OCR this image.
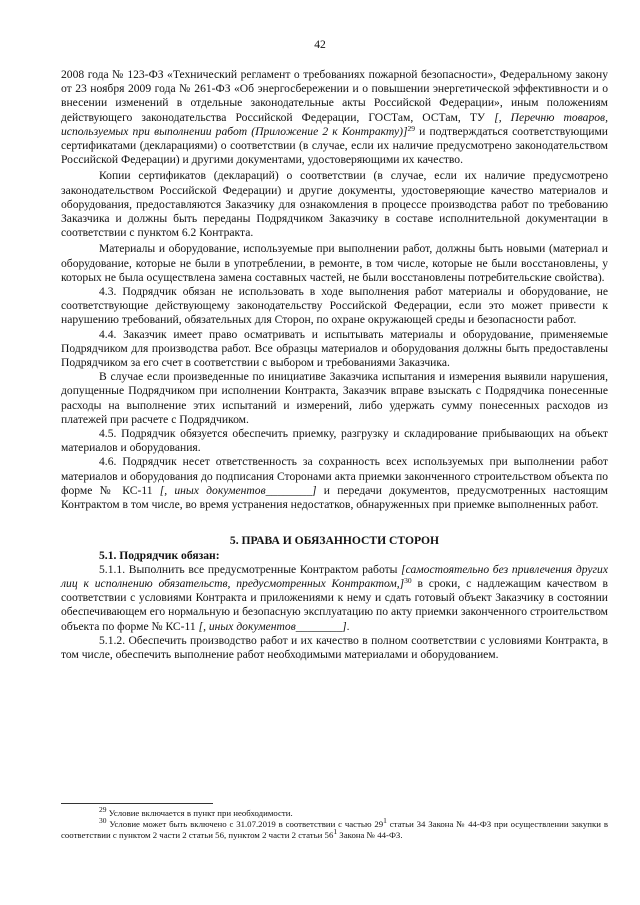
42

2008 года № 123-ФЗ «Технический регламент о требованиях пожарной безопасности», Федеральному закону от 23 ноября 2009 года № 261-ФЗ «Об энергосбережении и о повышении энергетической эффективности и о внесении изменений в отдельные законодательные акты Российской Федерации», иным положениям действующего законодательства Российской Федерации, ГОСТам, ОСТам, ТУ [, Перечню товаров, используемых при выполнении работ (Приложение 2 к Контракту)]$^{29}$ и подтверждаться соответствующими сертификатами (декларациями) о соответствии (в случае, если их наличие предусмотрено законодательством Российской Федерации) и другими документами, удостоверяющими их качество.

Копии сертификатов (деклараций) о соответствии (в случае, если их наличие предусмотрено законодательством Российской Федерации) и другие документы, удостоверяющие качество материалов и оборудования, предоставляются Заказчику для ознакомления в процессе производства работ по требованию Заказчика и должны быть переданы Подрядчиком Заказчику в составе исполнительной документации в соответствии с пунктом 6.2 Контракта.

Материалы и оборудование, используемые при выполнении работ, должны быть новыми (материал и оборудование, которые не были в употреблении, в ремонте, в том числе, которые не были восстановлены, у которых не была осуществлена замена составных частей, не были восстановлены потребительские свойства).

4.3. Подрядчик обязан не использовать в ходе выполнения работ материалы и оборудование, не соответствующие действующему законодательству Российской Федерации, если это может привести к нарушению требований, обязательных для Сторон, по охране окружающей среды и безопасности работ.

4.4. Заказчик имеет право осматривать и испытывать материалы и оборудование, применяемые Подрядчиком для производства работ. Все образцы материалов и оборудования должны быть предоставлены Подрядчиком за его счет в соответствии с выбором и требованиями Заказчика.

В случае если произведенные по инициативе Заказчика испытания и измерения выявили нарушения, допущенные Подрядчиком при исполнении Контракта, Заказчик вправе взыскать с Подрядчика понесенные расходы на выполнение этих испытаний и измерений, либо удержать сумму понесенных расходов из платежей при расчете с Подрядчиком.

4.5. Подрядчик обязуется обеспечить приемку, разгрузку и складирование прибывающих на объект материалов и оборудования.

4.6. Подрядчик несет ответственность за сохранность всех используемых при выполнении работ материалов и оборудования до подписания Сторонами акта приемки законченного строительством объекта по форме № КС-11 [, иных документов________] и передачи документов, предусмотренных настоящим Контрактом в том числе, во время устранения недостатков, обнаруженных при приемке выполненных работ.

5. ПРАВА И ОБЯЗАННОСТИ СТОРОН

5.1. Подрядчик обязан:

5.1.1. Выполнить все предусмотренные Контрактом работы [самостоятельно без привлечения других лиц к исполнению обязательств, предусмотренных Контрактом,]$^{30}$ в сроки, с надлежащим качеством в соответствии с условиями Контракта и приложениями к нему и сдать готовый объект Заказчику в состоянии обеспечивающем его нормальную и безопасную эксплуатацию по акту приемки законченного строительством объекта по форме № КС-11 [, иных документов________].

5.1.2. Обеспечить производство работ и их качество в полном соответствии с условиями Контракта, в том числе, обеспечить выполнение работ необходимыми материалами и оборудованием.

$^{29}$ Условие включается в пункт при необходимости.

$^{30}$ Условие может быть включено с 31.07.2019 в соответствии с частью $29^1$ статьи 34 Закона № 44-ФЗ при осуществлении закупки в соответствии с пунктом 2 части 2 статьи 56, пунктом 2 части 2 статьи $56^1$ Закона № 44-ФЗ.
